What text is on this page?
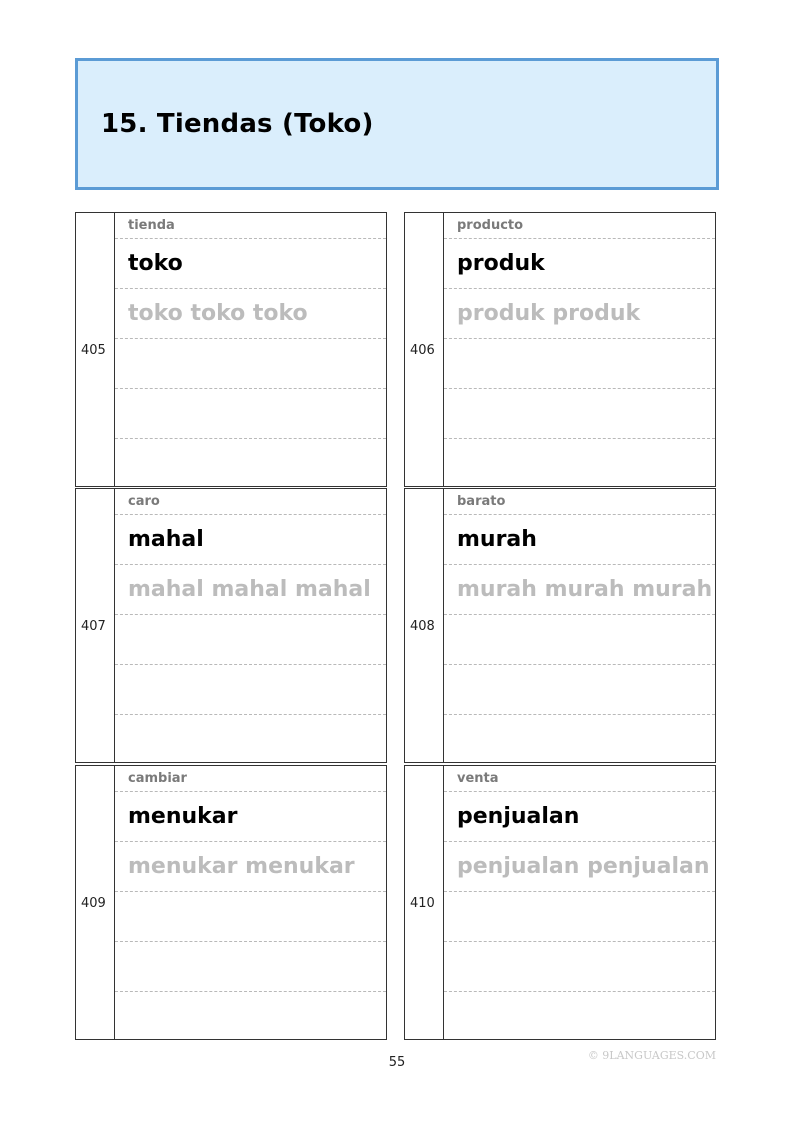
15. Tiendas (Toko)
405
tienda
toko
toko toko toko
406
producto
produk
produk produk
407
caro
mahal
mahal mahal mahal
408
barato
murah
murah murah murah
409
cambiar
menukar
menukar menukar
410
venta
penjualan
penjualan penjualan
55	© 9LANGUAGES.COM
